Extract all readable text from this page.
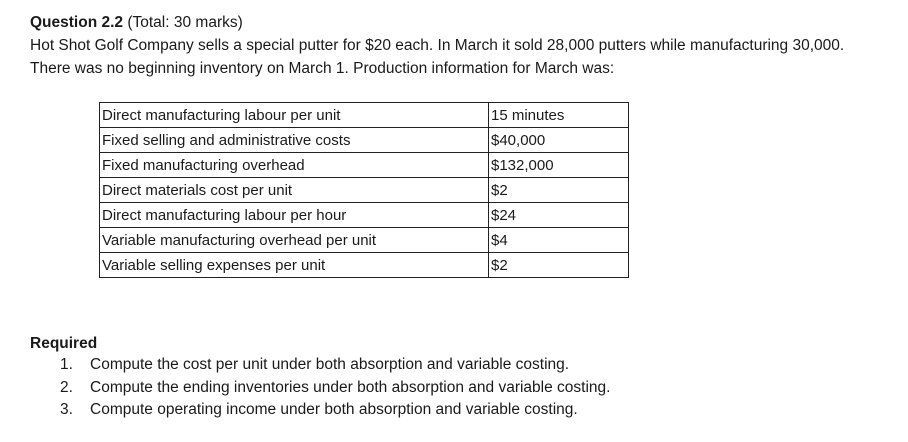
Question 2.2 (Total: 30 marks)

Hot Shot Golf Company sells a special putter for $20 each. In March it sold 28,000 putters while manufacturing 30,000. There was no beginning inventory on March 1. Production information for March was:

Direct manufacturing labour per unit	15 minutes
Fixed selling and administrative costs	$40,000
Fixed manufacturing overhead	$132,000
Direct materials cost per unit	$2
Direct manufacturing labour per hour	$24
Variable manufacturing overhead per unit	$4
Variable selling expenses per unit	$2

Required

1.	Compute the cost per unit under both absorption and variable costing.
2.	Compute the ending inventories under both absorption and variable costing.
3.	Compute operating income under both absorption and variable costing.
